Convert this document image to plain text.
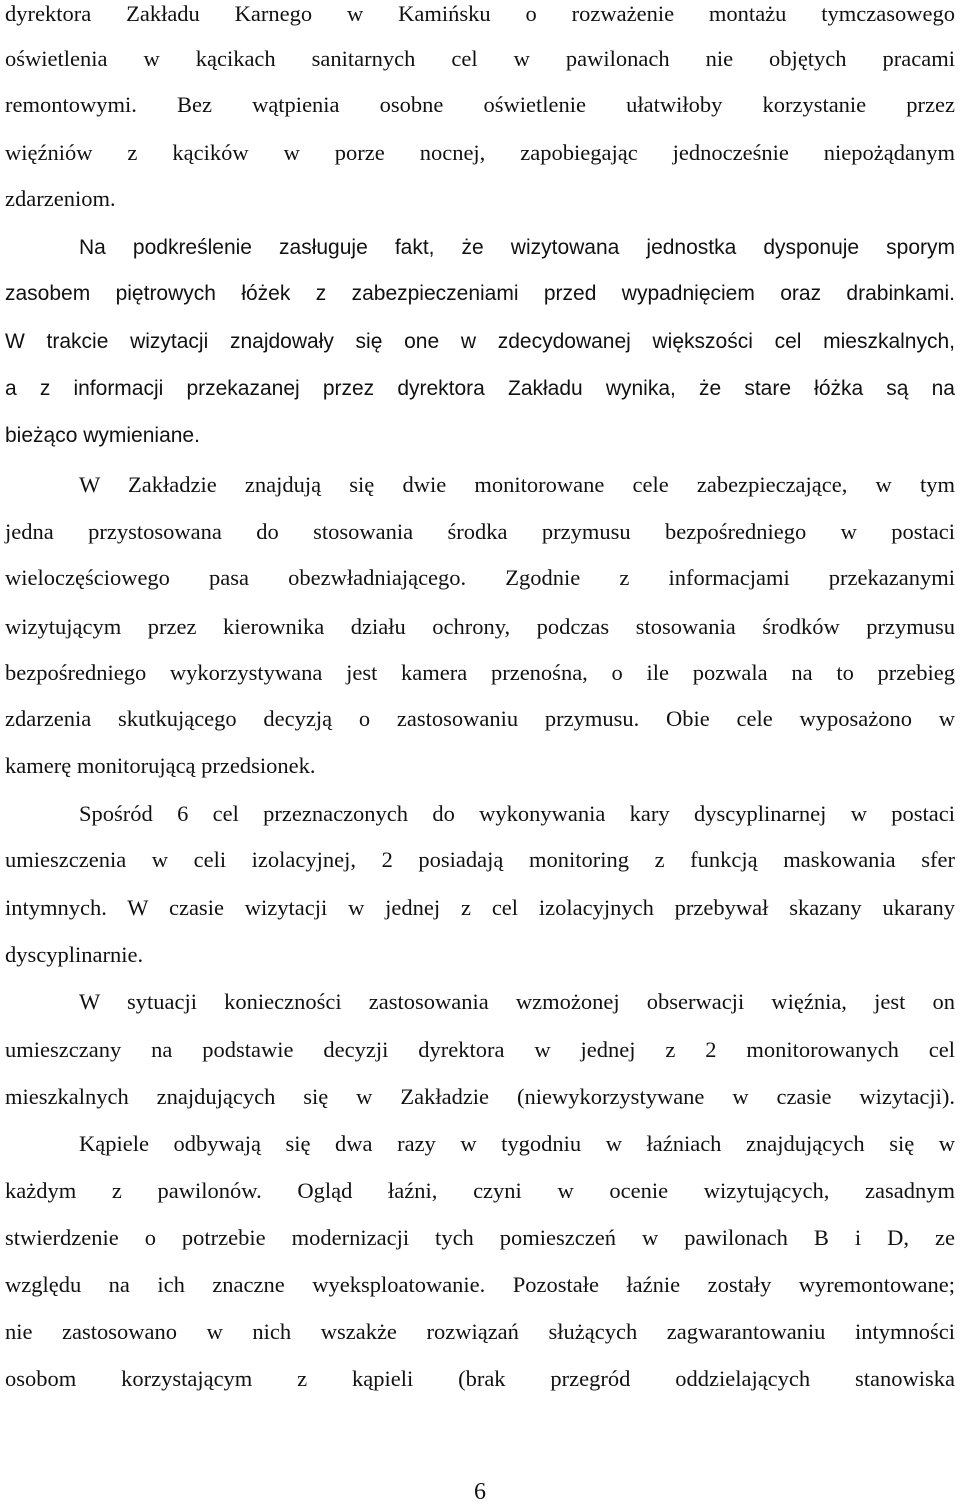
dyrektora Zakładu Karnego w Kamińsku o rozważenie montażu tymczasowego
oświetlenia w kącikach sanitarnych cel w pawilonach nie objętych pracami
remontowymi. Bez wątpienia osobne oświetlenie ułatwiłoby korzystanie przez
więźniów z kącików w porze nocnej, zapobiegając jednocześnie niepożądanym
zdarzeniom.
Na podkreślenie zasługuje fakt, że wizytowana jednostka dysponuje sporym
zasobem piętrowych łóżek z zabezpieczeniami przed wypadnięciem oraz drabinkami.
W trakcie wizytacji znajdowały się one w zdecydowanej większości cel mieszkalnych,
a z informacji przekazanej przez dyrektora Zakładu wynika, że stare łóżka są na
bieżąco wymieniane.
W Zakładzie znajdują się dwie monitorowane cele zabezpieczające, w tym
jedna przystosowana do stosowania środka przymusu bezpośredniego w postaci
wieloczęściowego pasa obezwładniającego. Zgodnie z informacjami przekazanymi
wizytującym przez kierownika działu ochrony, podczas stosowania środków przymusu
bezpośredniego wykorzystywana jest kamera przenośna, o ile pozwala na to przebieg
zdarzenia skutkującego decyzją o zastosowaniu przymusu. Obie cele wyposażono w
kamerę monitorującą przedsionek.
Spośród 6 cel przeznaczonych do wykonywania kary dyscyplinarnej w postaci
umieszczenia w celi izolacyjnej, 2 posiadają monitoring z funkcją maskowania sfer
intymnych. W czasie wizytacji w jednej z cel izolacyjnych przebywał skazany ukarany
dyscyplinarnie.
W sytuacji konieczności zastosowania wzmożonej obserwacji więźnia, jest on
umieszczany na podstawie decyzji dyrektora w jednej z 2 monitorowanych cel
mieszkalnych znajdujących się w Zakładzie (niewykorzystywane w czasie wizytacji).
Kąpiele odbywają się dwa razy w tygodniu w łaźniach znajdujących się w
każdym z pawilonów. Ogląd łaźni, czyni w ocenie wizytujących, zasadnym
stwierdzenie o potrzebie modernizacji tych pomieszczeń w pawilonach B i D, ze
względu na ich znaczne wyeksploatowanie. Pozostałe łaźnie zostały wyremontowane;
nie zastosowano w nich wszakże rozwiązań służących zagwarantowaniu intymności
osobom korzystającym z kąpieli (brak przegród oddzielających stanowiska
6
